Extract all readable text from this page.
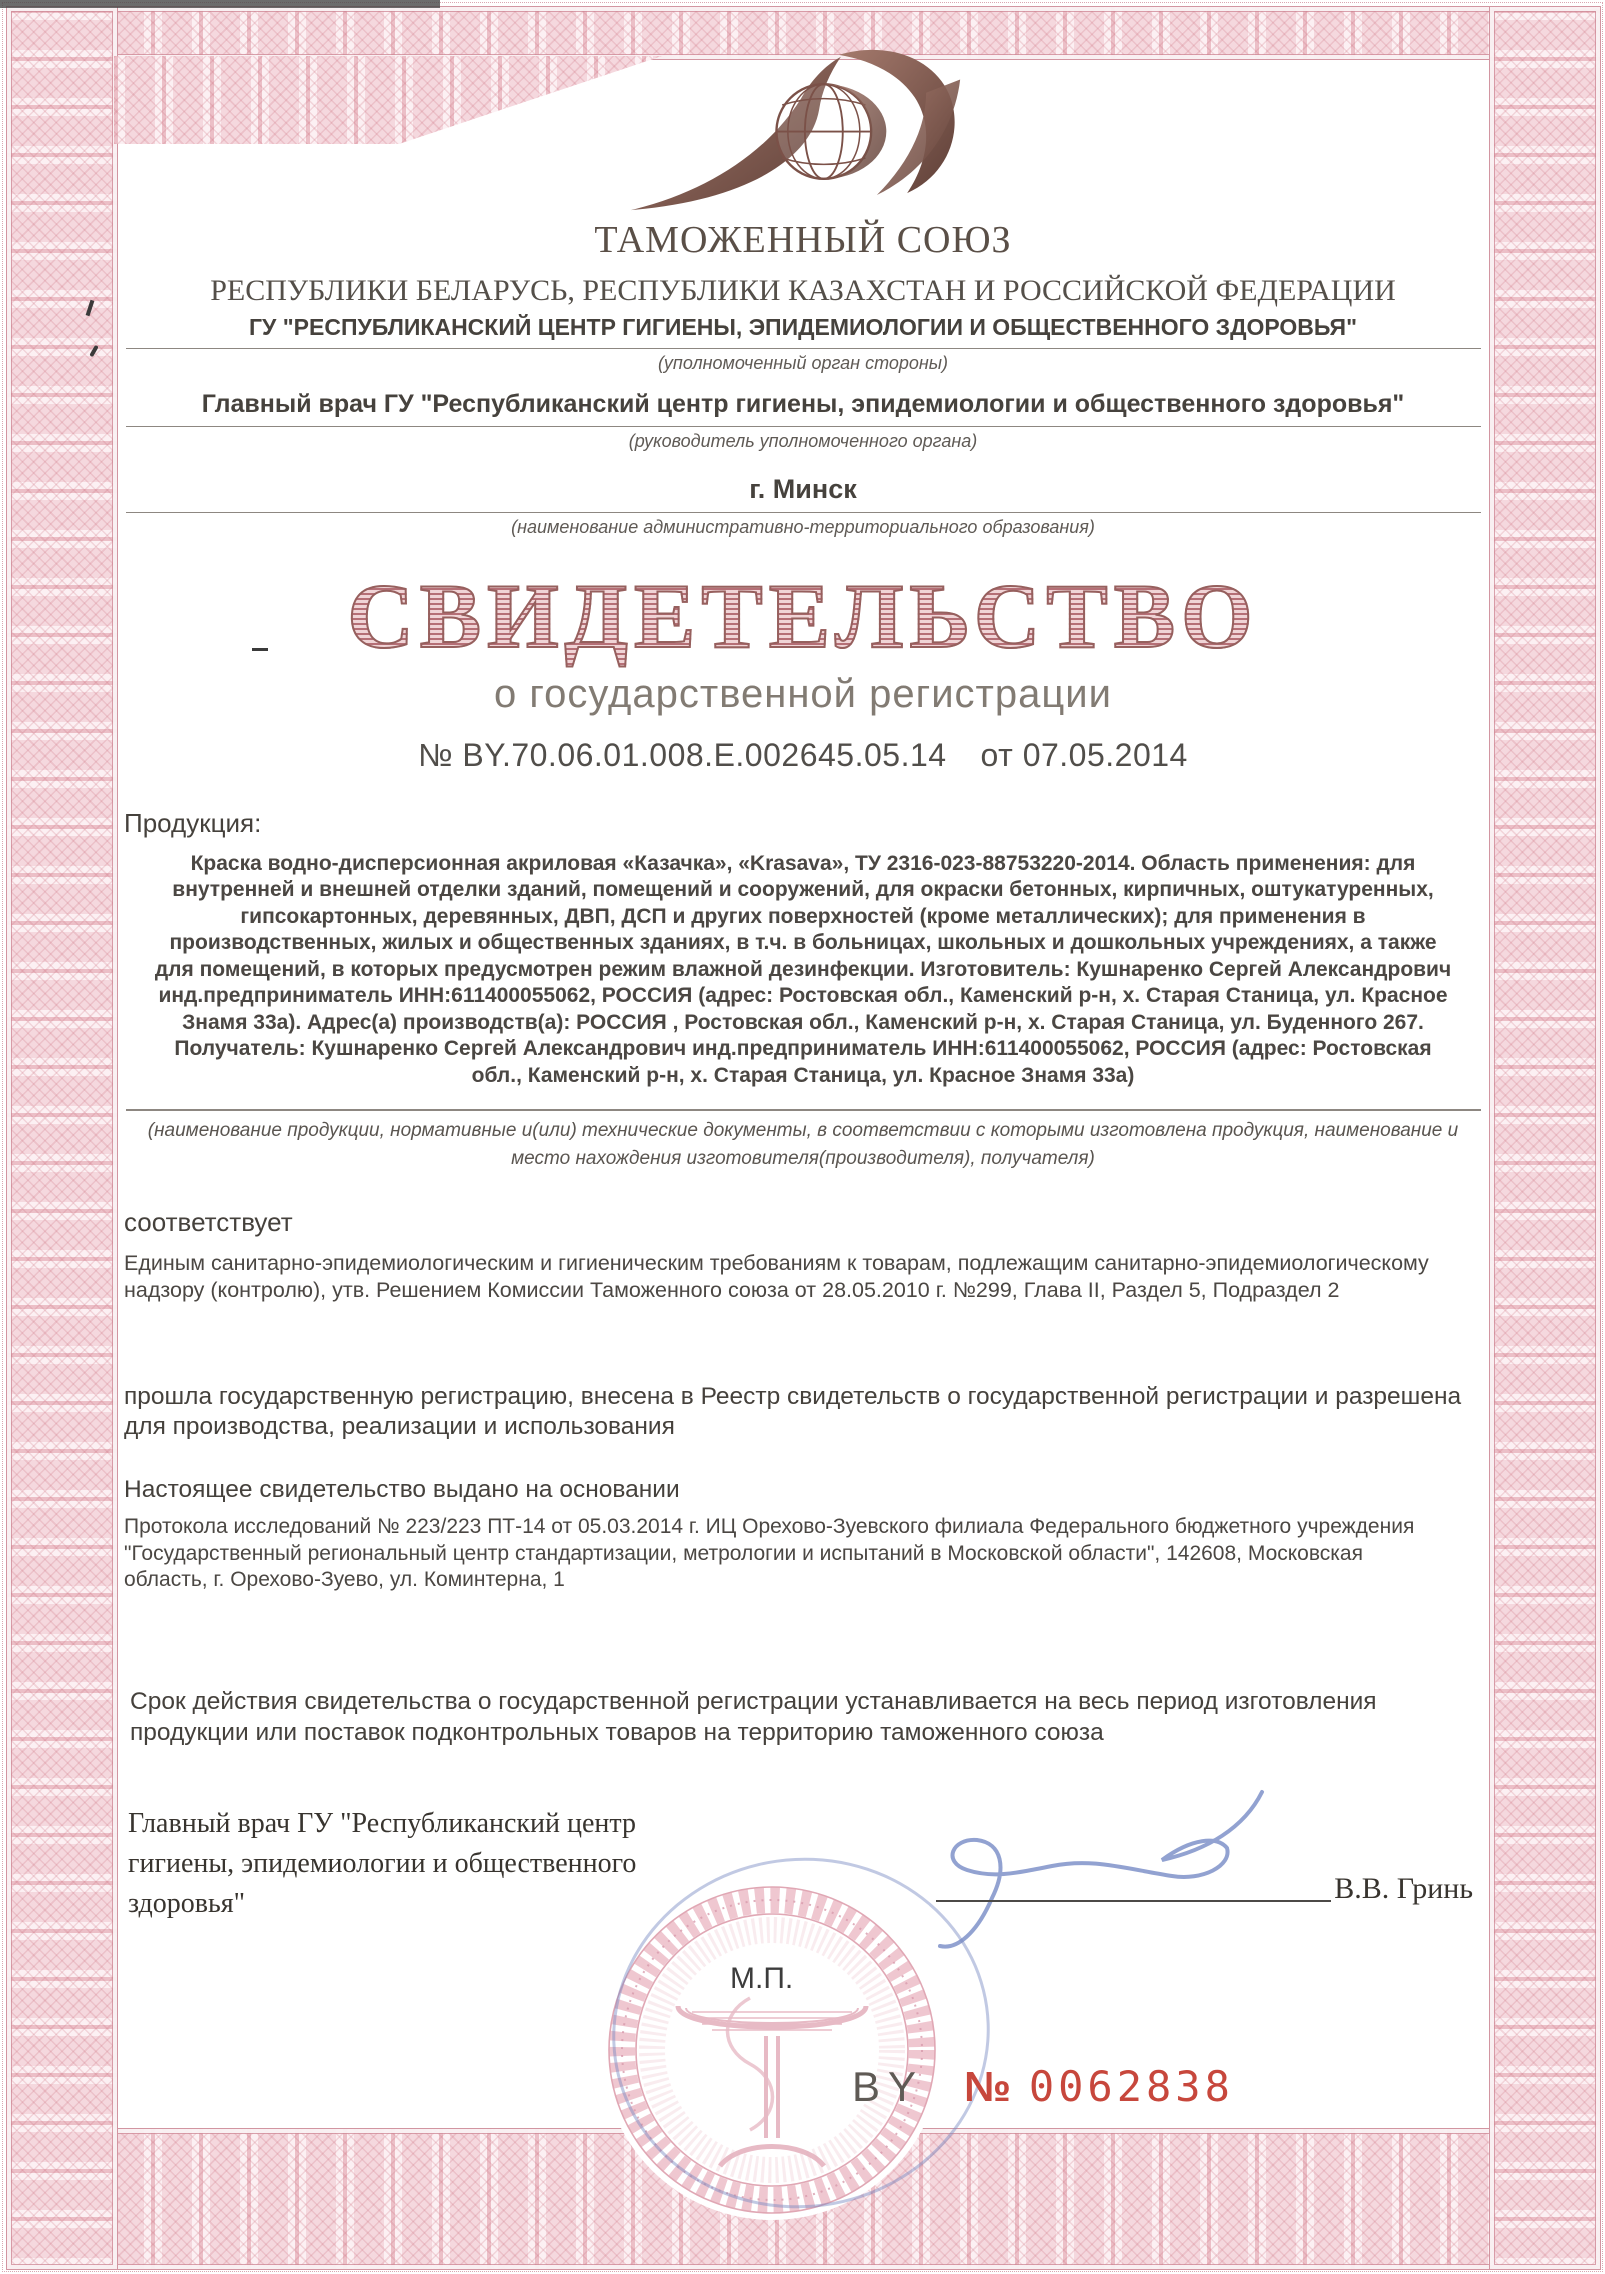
ТАМОЖЕННЫЙ СОЮЗ
РЕСПУБЛИКИ БЕЛАРУСЬ, РЕСПУБЛИКИ КАЗАХСТАН И РОССИЙСКОЙ ФЕДЕРАЦИИ
ГУ "РЕСПУБЛИКАНСКИЙ ЦЕНТР ГИГИЕНЫ, ЭПИДЕМИОЛОГИИ И ОБЩЕСТВЕННОГО ЗДОРОВЬЯ"
(уполномоченный орган стороны)
Главный врач ГУ "Республиканский центр гигиены, эпидемиологии и общественного здоровья"
(руководитель уполномоченного органа)
г. Минск
(наименование административно-территориального образования)
СВИДЕТЕЛЬСТВО
о государственной регистрации
№ BY.70.06.01.008.Е.002645.05.14 от 07.05.2014
Продукция:
Краска водно-дисперсионная акриловая «Казачка», «Krasava», ТУ 2316-023-88753220-2014. Область применения: для внутренней и внешней отделки зданий, помещений и сооружений, для окраски бетонных, кирпичных, оштукатуренных, гипсокартонных, деревянных, ДВП, ДСП и других поверхностей (кроме металлических); для применения в производственных, жилых и общественных зданиях, в т.ч. в больницах, школьных и дошкольных учреждениях, а также для помещений, в которых предусмотрен режим влажной дезинфекции. Изготовитель: Кушнаренко Сергей Александрович инд.предприниматель ИНН:611400055062, РОССИЯ (адрес: Ростовская обл., Каменский р-н, х. Старая Станица, ул. Красное Знамя 33а). Адрес(а) производств(а): РОССИЯ , Ростовская обл., Каменский р-н, х. Старая Станица, ул. Буденного 267. Получатель: Кушнаренко Сергей Александрович инд.предприниматель ИНН:611400055062, РОССИЯ (адрес: Ростовская обл., Каменский р-н, х. Старая Станица, ул. Красное Знамя 33а)
(наименование продукции, нормативные и(или) технические документы, в соответствии с которыми изготовлена продукция, наименование и место нахождения изготовителя(производителя), получателя)
соответствует
Единым санитарно-эпидемиологическим и гигиеническим требованиям к товарам, подлежащим санитарно-эпидемиологическому надзору (контролю), утв. Решением Комиссии Таможенного союза от 28.05.2010 г. №299, Глава II, Раздел 5, Подраздел 2
прошла государственную регистрацию, внесена в Реестр свидетельств о государственной регистрации и разрешена для производства, реализации и использования
Настоящее свидетельство выдано на основании
Протокола исследований № 223/223 ПТ-14 от 05.03.2014 г. ИЦ Орехово-Зуевского филиала Федерального бюджетного учреждения "Государственный региональный центр стандартизации, метрологии и испытаний в Московской области", 142608, Московская область, г. Орехово-Зуево, ул. Коминтерна, 1
Срок действия свидетельства о государственной регистрации устанавливается на весь период изготовления продукции или поставок подконтрольных товаров на территорию таможенного союза
Главный врач ГУ "Республиканский центр гигиены, эпидемиологии и общественного здоровья"	В.В. Гринь
М.П.
BY № 0062838
